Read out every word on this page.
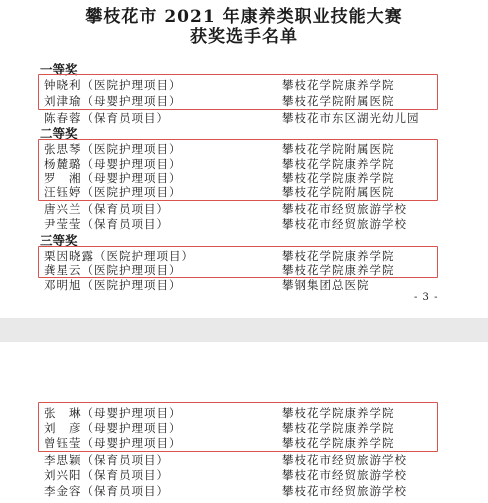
攀枝花市 2021 年康养类职业技能大赛
获奖选手名单
一等奖
钟晓利（医院护理项目）	攀枝花学院康养学院
刘津瑜（母婴护理项目）	攀枝花学院附属医院
陈春蓉（保育员项目）	攀枝花市东区湖光幼儿园
二等奖
张思琴（医院护理项目）	攀枝花学院附属医院
杨麓璐（母婴护理项目）	攀枝花学院康养学院
罗　湘（母婴护理项目）	攀枝花学院康养学院
汪钰婷（医院护理项目）	攀枝花学院附属医院
唐兴兰（保育员项目）	攀枝花市经贸旅游学校
尹莹莹（保育员项目）	攀枝花市经贸旅游学校
三等奖
栗因晓露（医院护理项目）	攀枝花学院康养学院
龚星云（医院护理项目）	攀枝花学院康养学院
邓明旭（医院护理项目）	攀钢集团总医院
- 3 -
张　琳（母婴护理项目）	攀枝花学院康养学院
刘　彦（母婴护理项目）	攀枝花学院康养学院
曾钰莹（母婴护理项目）	攀枝花学院康养学院
李思颖（保育员项目）	攀枝花市经贸旅游学校
刘兴阳（保育员项目）	攀枝花市经贸旅游学校
李金容（保育员项目）	攀枝花市经贸旅游学校
